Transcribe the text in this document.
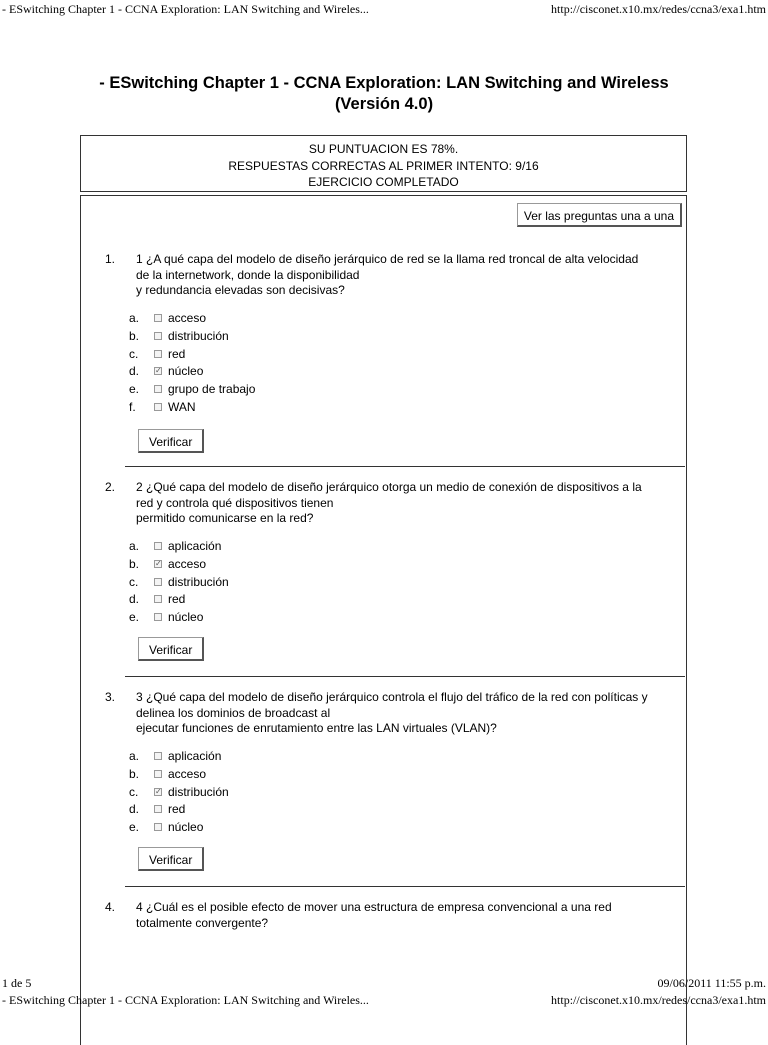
- ESwitching Chapter 1 - CCNA Exploration: LAN Switching and Wireles...	http://cisconet.x10.mx/redes/ccna3/exa1.htm
- ESwitching Chapter 1 - CCNA Exploration: LAN Switching and Wireless
(Versión 4.0)
SU PUNTUACION ES 78%.
RESPUESTAS CORRECTAS AL PRIMER INTENTO: 9/16
EJERCICIO COMPLETADO
Ver las preguntas una a una
1. 1 ¿A qué capa del modelo de diseño jerárquico de red se la llama red troncal de alta velocidad
de la internetwork, donde la disponibilidad
y redundancia elevadas son decisivas?
a.	acceso
b.	distribución
c.	red
d.	✓ núcleo
e.	grupo de trabajo
f.	WAN
Verificar
2. 2 ¿Qué capa del modelo de diseño jerárquico otorga un medio de conexión de dispositivos a la
red y controla qué dispositivos tienen
permitido comunicarse en la red?
a.	aplicación
b.	✓ acceso
c.	distribución
d.	red
e.	núcleo
Verificar
3. 3 ¿Qué capa del modelo de diseño jerárquico controla el flujo del tráfico de la red con políticas y
delinea los dominios de broadcast al
ejecutar funciones de enrutamiento entre las LAN virtuales (VLAN)?
a.	aplicación
b.	acceso
c.	✓ distribución
d.	red
e.	núcleo
Verificar
4. 4 ¿Cuál es el posible efecto de mover una estructura de empresa convencional a una red
totalmente convergente?
1 de 5	09/06/2011 11:55 p.m.
- ESwitching Chapter 1 - CCNA Exploration: LAN Switching and Wireles...	http://cisconet.x10.mx/redes/ccna3/exa1.htm
